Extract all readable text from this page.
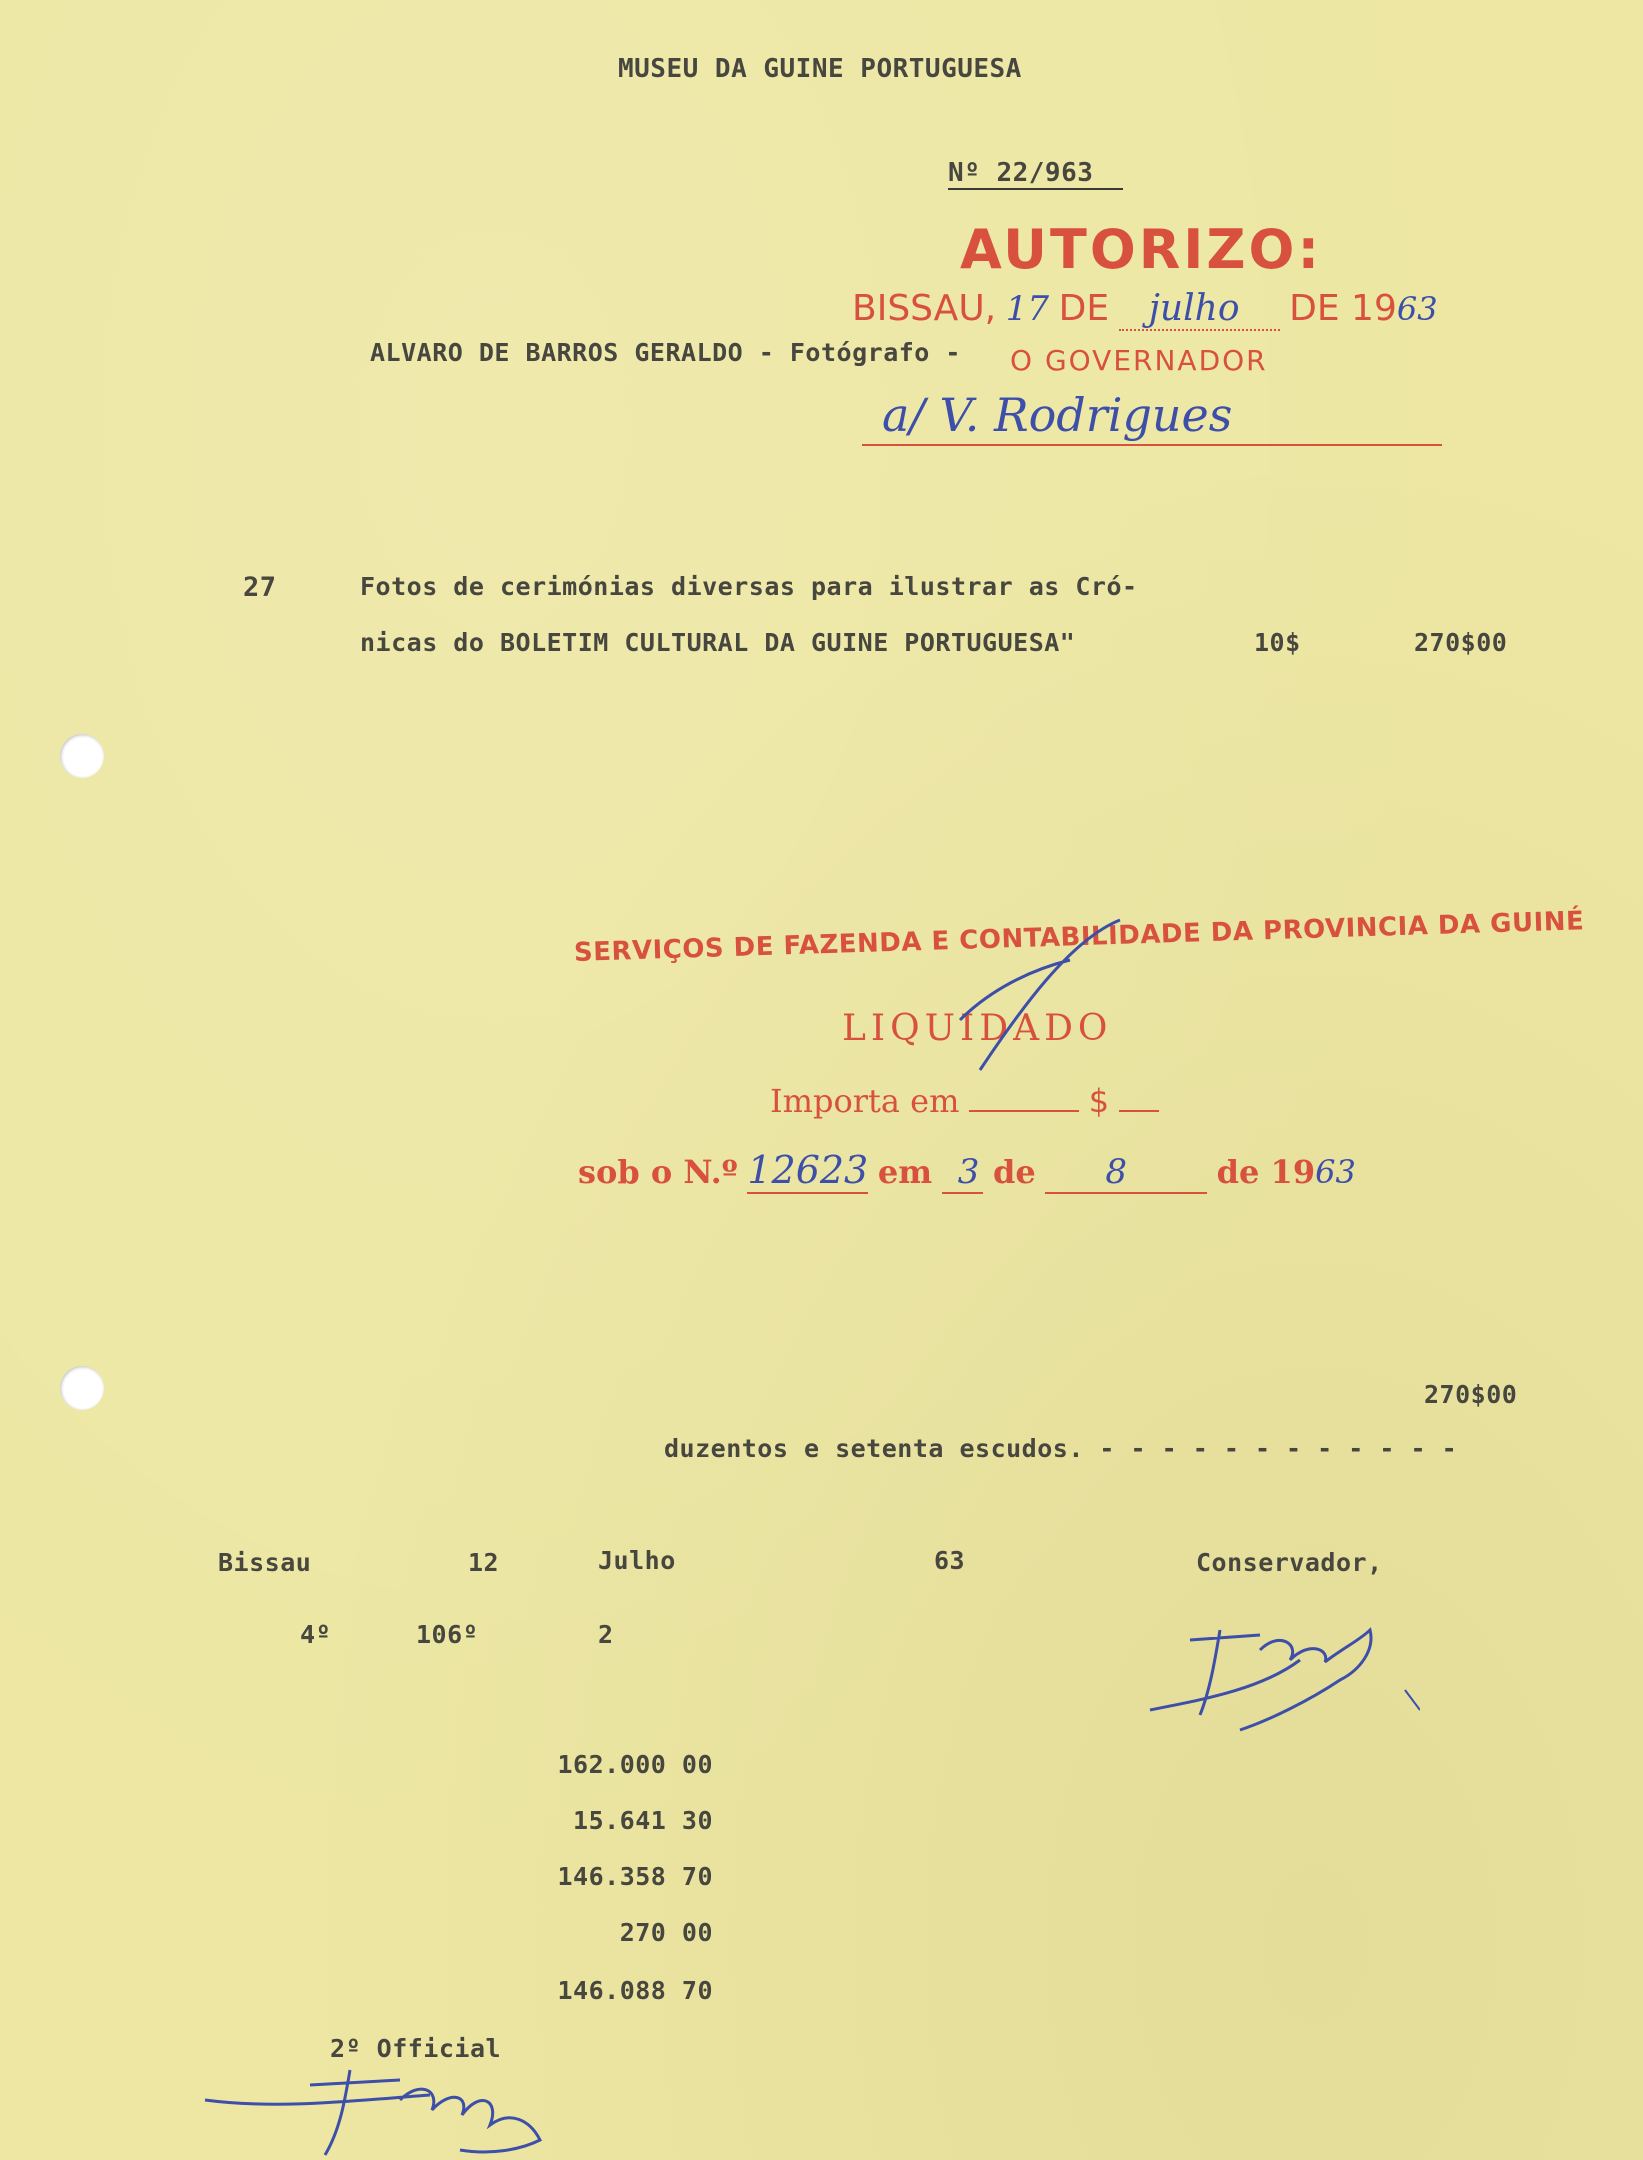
MUSEU DA GUINE PORTUGUESA
Nº 22/963
AUTORIZO:
BISSAU, 17 DE julho DE 1963
O GOVERNADOR
a/ V. Rodrigues
ALVARO DE BARROS GERALDO - Fotógrafo -
27	Fotos de cerimónias diversas para ilustrar as Cró-
nicas do BOLETIM CULTURAL DA GUINE PORTUGUESA"	10$	270$00
SERVIÇOS DE FAZENDA E CONTABILIDADE DA PROVINCIA DA GUINÉ
LIQUIDADO
Importa em	$
sob o N.º 12623 em 3 de 8	de 1963
270$00
duzentos e setenta escudos. - - - - - - - - - - - -
Bissau	12	Julho	63	Conservador,
4º	106º	2
162.000 00
15.641 30
146.358 70
270 00
146.088 70
2º Official
